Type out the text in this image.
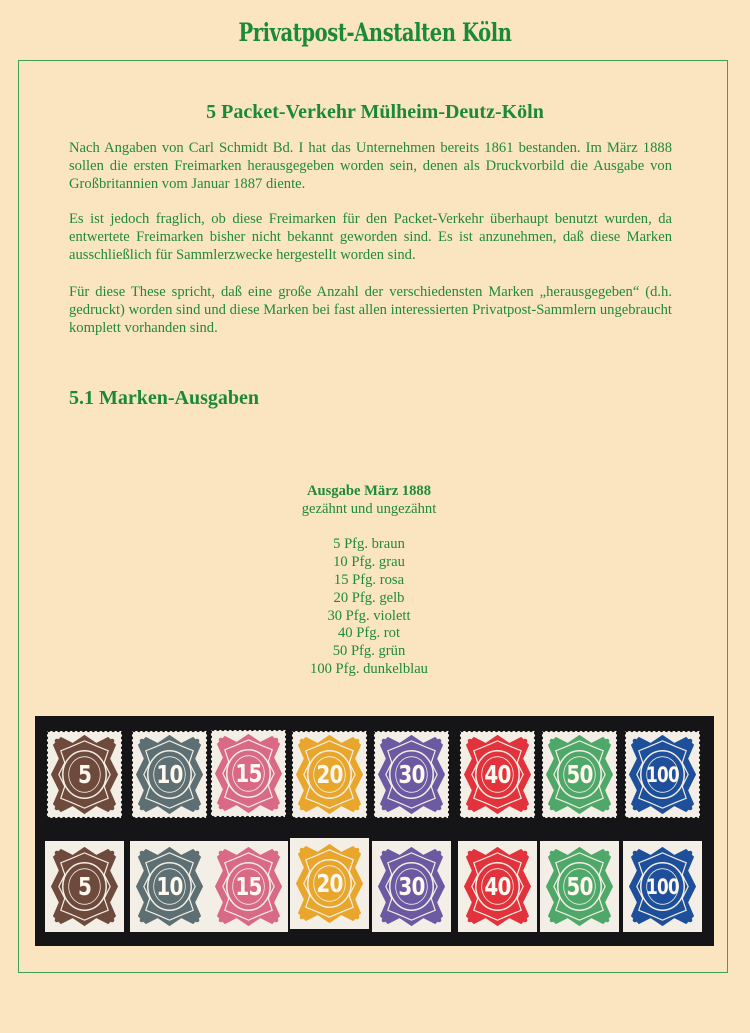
Privatpost-Anstalten Köln
5 Packet-Verkehr Mülheim-Deutz-Köln
Nach Angaben von Carl Schmidt Bd. I hat das Unternehmen bereits 1861 bestanden. Im März 1888 sollen die ersten Freimarken herausgegeben worden sein, denen als Druckvorbild die Ausgabe von Großbritannien vom Januar 1887 diente.
Es ist jedoch fraglich, ob diese Freimarken für den Packet-Verkehr überhaupt benutzt wurden, da entwertete Freimarken bisher nicht bekannt geworden sind. Es ist anzunehmen, daß diese Marken ausschließlich für Sammlerzwecke hergestellt worden sind.
Für diese These spricht, daß eine große Anzahl der verschiedensten Marken „herausgegeben“ (d.h. gedruckt) worden sind und diese Marken bei fast allen interessierten Privatpost-Sammlern ungebraucht komplett vorhanden sind.
5.1 Marken-Ausgaben
Ausgabe März 1888
gezähnt und ungezähnt
5 Pfg. braun
10 Pfg. grau
15 Pfg. rosa
20 Pfg. gelb
30 Pfg. violett
40 Pfg. rot
50 Pfg. grün
100 Pfg. dunkelblau
5	10	15	20	30	40	50	100
5	10	15	20	30	40	50	100
